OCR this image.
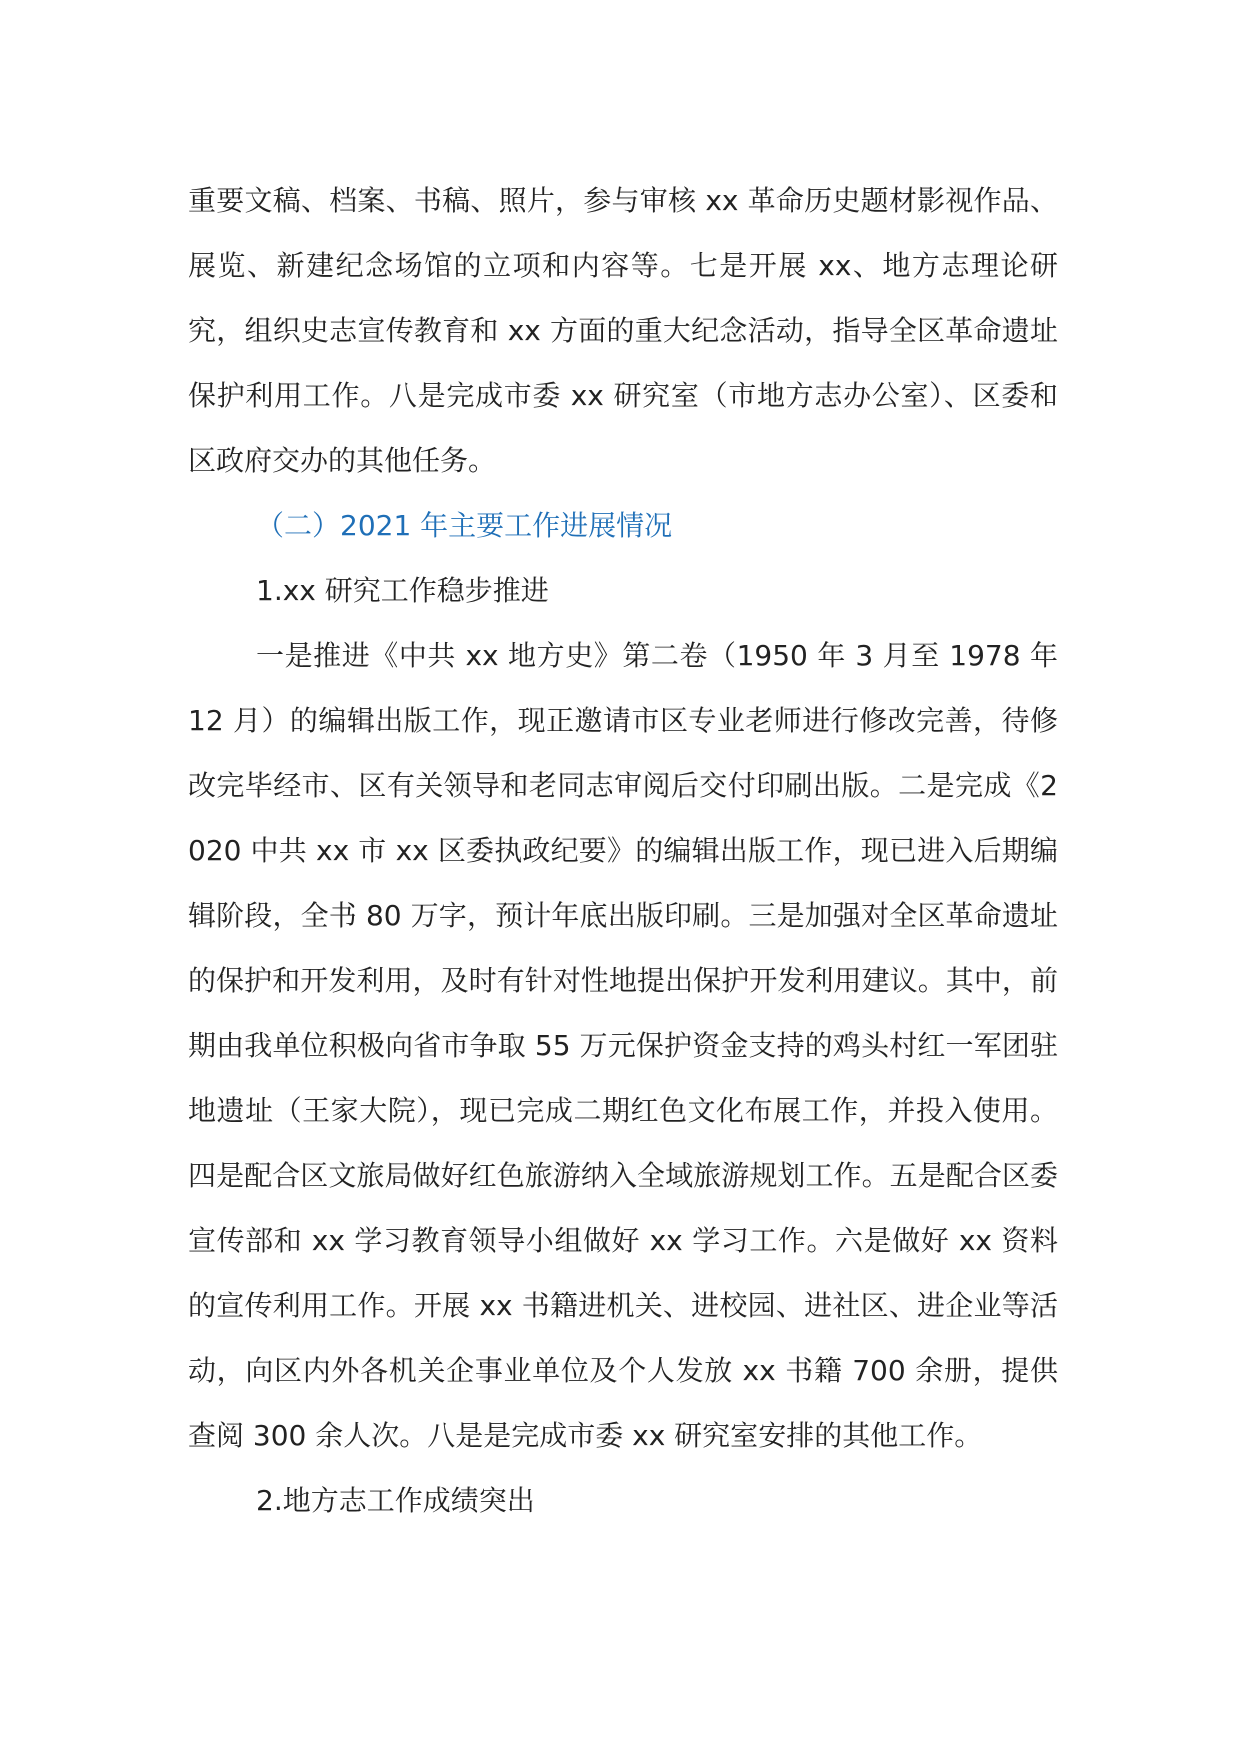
重要文稿、档案、书稿、照片，参与审核 xx 革命历史题材影视作品、展览、新建纪念场馆的立项和内容等。七是开展 xx、地方志理论研究，组织史志宣传教育和 xx 方面的重大纪念活动，指导全区革命遗址保护利用工作。八是完成市委 xx 研究室（市地方志办公室）、区委和区政府交办的其他任务。

（二）2021 年主要工作进展情况

1.xx 研究工作稳步推进

一是推进《中共 xx 地方史》第二卷（1950 年 3 月至 1978 年 12 月）的编辑出版工作，现正邀请市区专业老师进行修改完善，待修改完毕经市、区有关领导和老同志审阅后交付印刷出版。二是完成《2020 中共 xx 市 xx 区委执政纪要》的编辑出版工作，现已进入后期编辑阶段，全书 80 万字，预计年底出版印刷。三是加强对全区革命遗址的保护和开发利用，及时有针对性地提出保护开发利用建议。其中，前期由我单位积极向省市争取 55 万元保护资金支持的鸡头村红一军团驻地遗址（王家大院），现已完成二期红色文化布展工作，并投入使用。四是配合区文旅局做好红色旅游纳入全域旅游规划工作。五是配合区委宣传部和 xx 学习教育领导小组做好 xx 学习工作。六是做好 xx 资料的宣传利用工作。开展 xx 书籍进机关、进校园、进社区、进企业等活动，向区内外各机关企事业单位及个人发放 xx 书籍 700 余册，提供查阅 300 余人次。八是是完成市委 xx 研究室安排的其他工作。

2.地方志工作成绩突出
